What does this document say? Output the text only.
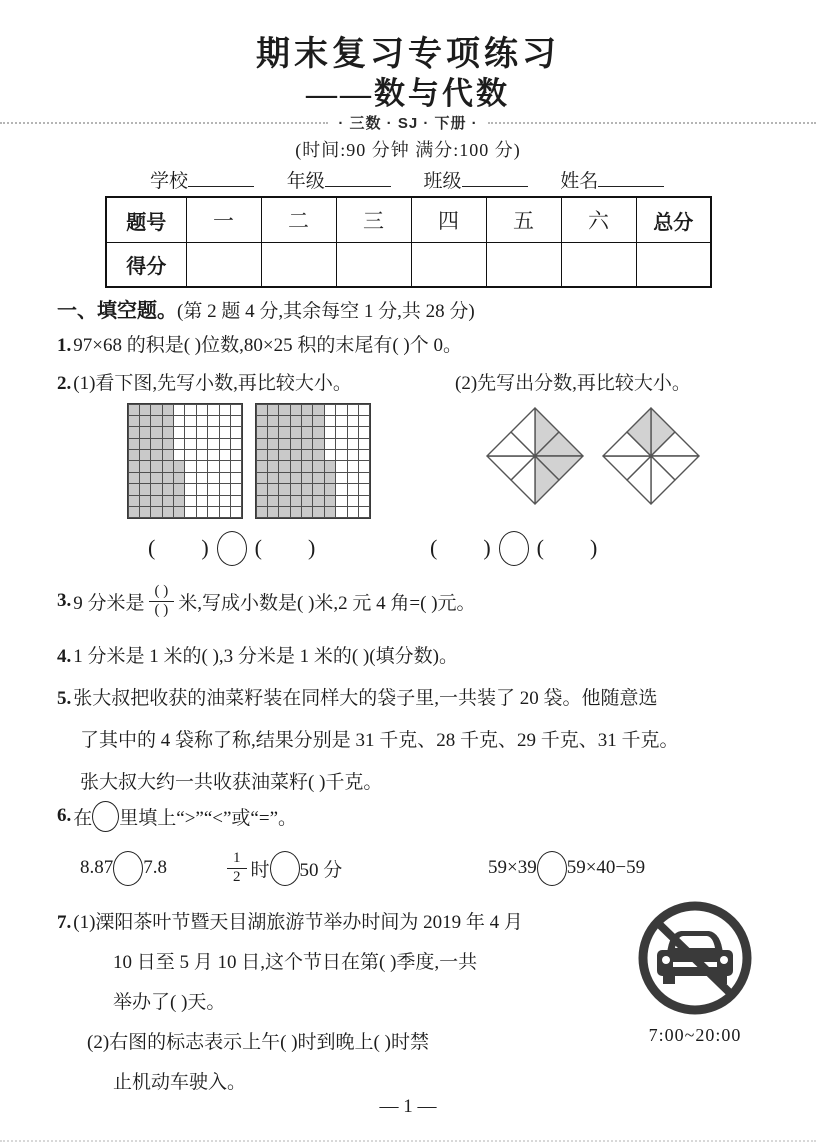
期末复习专项练习
——数与代数
· 三数 · SJ · 下册 ·
(时间:90 分钟 满分:100 分)
学校	年级	班级	姓名
题号	一	二	三	四	五	六	总分
得分							
一、填空题。(第 2 题 4 分,其余每空 1 分,共 28 分)
1. 97×68 的积是( )位数,80×25 积的末尾有( )个 0。
2. (1)看下图,先写小数,再比较大小。	(2)先写出分数,再比较大小。
( ) ( )	( ) ( )
3. 9 分米是 $\frac{( )}{( )}$ 米,写成小数是( )米,2 元 4 角=( )元。
4. 1 分米是 1 米的( ),3 分米是 1 米的( )(填分数)。
5. 张大叔把收获的油菜籽装在同样大的袋子里,一共装了 20 袋。他随意选
了其中的 4 袋称了称,结果分别是 31 千克、28 千克、29 千克、31 千克。
张大叔大约一共收获油菜籽( )千克。
6. 在 里填上“>”“<”或“=”。
8.87 7.8	$\frac{1}{2}$ 时 50 分	59×39 59×40−59
7. (1)溧阳茶叶节暨天目湖旅游节举办时间为 2019 年 4 月
10 日至 5 月 10 日,这个节日在第( )季度,一共
举办了( )天。
(2)右图的标志表示上午( )时到晚上( )时禁
止机动车驶入。
7:00~20:00
— 1 —
